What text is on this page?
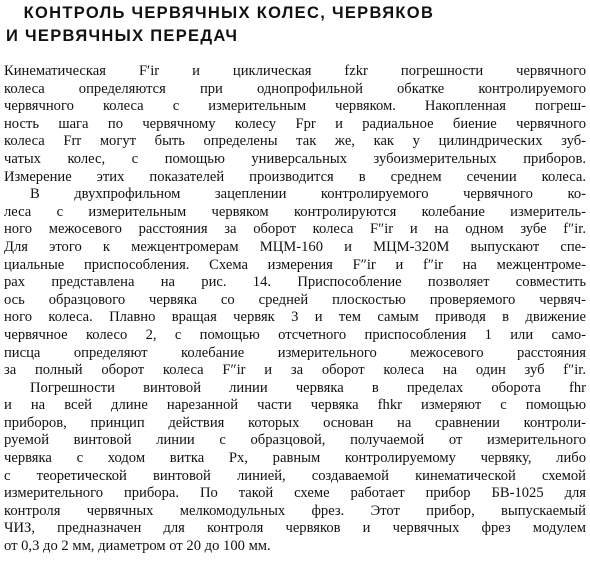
КОНТРОЛЬ ЧЕРВЯЧНЫХ КОЛЕС, ЧЕРВЯКОВ
И ЧЕРВЯЧНЫХ ПЕРЕДАЧ
Кинематическая F′ir и циклическая fzkr погрешности червячного
колеса определяются при однопрофильной обкатке контролируемого
червячного колеса с измерительным червяком. Накопленная погреш-
ность шага по червячному колесу Fpr и радиальное биение червячного
колеса Frr могут быть определены так же, как у цилиндрических зуб-
чатых колес, с помощью универсальных зубоизмерительных приборов.
Измерение этих показателей производится в среднем сечении колеса.
В двухпрофильном зацеплении контролируемого червячного ко-
леса с измерительным червяком контролируются колебание измеритель-
ного межосевого расстояния за оборот колеса F″ir и на одном зубе f″ir.
Для этого к межцентромерам МЦМ-160 и МЦМ-320М выпускают спе-
циальные приспособления. Схема измерения F″ir и f″ir на межцентроме-
рах представлена на рис. 14. Приспособление позволяет совместить
ось образцового червяка со средней плоскостью проверяемого червяч-
ного колеса. Плавно вращая червяк 3 и тем самым приводя в движение
червячное колесо 2, с помощью отсчетного приспособления 1 или само-
писца определяют колебание измерительного межосевого расстояния
за полный оборот колеса F″ir и за оборот колеса на один зуб f″ir.
Погрешности винтовой линии червяка в пределах оборота fhr
и на всей длине нарезанной части червяка fhkr измеряют с помощью
приборов, принцип действия которых основан на сравнении контроли-
руемой винтовой линии с образцовой, получаемой от измерительного
червяка с ходом витка Px, равным контролируемому червяку, либо
с теоретической винтовой линией, создаваемой кинематической схемой
измерительного прибора. По такой схеме работает прибор БВ-1025 для
контроля червячных мелкомодульных фрез. Этот прибор, выпускаемый
ЧИЗ, предназначен для контроля червяков и червячных фрез модулем
от 0,3 до 2 мм, диаметром от 20 до 100 мм.
